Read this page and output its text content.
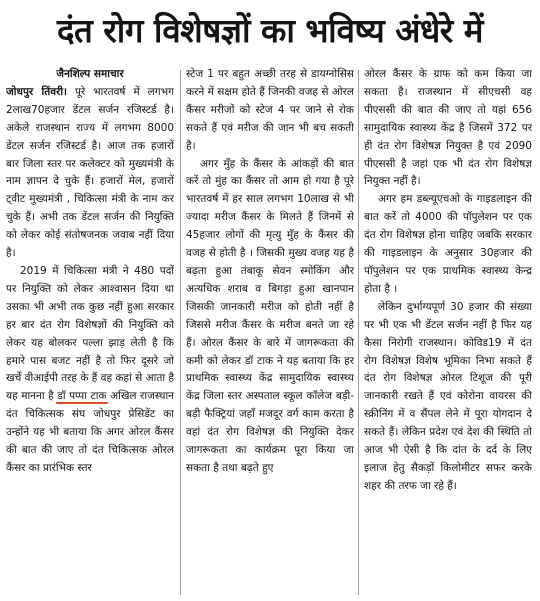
दंत रोग विशेषज्ञों का भविष्य अंधेरे में
जैनशिल्प समाचार

जोधपुर तिंवरी। पूरे भारतवर्ष में लगभग 2लाख70हजार डेंटल सर्जन रजिस्टर्ड है। अकेले राजस्थान राज्य में लगभग 8000 डेंटल सर्जन रजिस्टर्ड है। आज तक हजारों बार जिला स्तर पर कलेक्टर को मुख्यमंत्री के नाम ज्ञापन दे चुके हैं। हजारों मेल, हजारों ट्वीट मुख्यमंत्री , चिकित्सा मंत्री के नाम कर चुके हैं। अभी तक डेंटल सर्जन की नियुक्ति को लेकर कोई संतोषजनक जवाब नहीं दिया है।

2019 में चिकित्सा मंत्री ने 480 पदों पर नियुक्ति को लेकर आश्वासन दिया था उसका भी अभी तक कुछ नहीं हुआ सरकार हर बार दंत रोग विशेषज्ञों की नियुक्ति को लेकर यह बोलकर पल्ला झाड़ लेती है कि हमारे पास बजट नहीं है तो फिर दूसरे जो खर्चे वीआईपी तरह के हैं वह कहां से आता है यह मानना है डॉ पप्पा टाक अखिल राजस्थान दंत चिकित्सक संघ जोधपुर प्रेसिडेंट का उन्होंने यह भी बताया कि अगर ओरल कैंसर की बात की जाए तो दंत चिकित्सक ओरल कैंसर का प्रारंभिक स्तर

स्टेज 1 पर बहुत अच्छी तरह से डायग्नोसिस करने में सक्षम होते हैं जिनकी वजह से ओरल कैंसर मरीजों को स्टेज 4 पर जाने से रोक सकते हैं एवं मरीज की जान भी बच सकती है।

अगर मुँह के कैंसर के आंकड़ों की बात करें तो मुंह का कैंसर तो आम हो गया है पूरे भारतवर्ष में हर साल लगभग 10लाख से भी ज्यादा मरीज कैंसर के मिलते हैं जिनमें से 45हजार लोगों की मृत्यु मुँह के कैंसर की वजह से होती है । जिसकी मुख्य वजह यह है बढ़ता हुआ तंबाकू सेवन स्मोकिंग और अत्यधिक शराब व बिगड़ा हुआ खानपान जिसकी जानकारी मरीज को होती नहीं है जिससे मरीज कैंसर के मरीज बनते जा रहे हैं। ओरल कैंसर के बारे में जागरूकता की कमी को लेकर डॉ टाक ने यह बताया कि हर प्राथमिक स्वास्थ्य केंद्र सामुदायिक स्वास्थ्य केंद्र जिला स्तर अस्पताल स्कूल कॉलेज बड़ी-बड़ी फैक्ट्रियां जहाँ मजदूर वर्ग काम करता है वहां दंत रोग विशेषज्ञ की नियुक्ति देकर जागरूकता का कार्यक्रम पूरा किया जा सकता है तथा बढ़ते हुए

ओरल कैंसर के ग्राफ को कम किया जा सकता है। राजस्थान में सीएचसी वह पीएससी की बात की जाए तो यहां 656 सामुदायिक स्वास्थ्य केंद्र है जिसमें 372 पर ही दंत रोग विशेषज्ञ नियुक्त है एवं 2090 पीएससी है जहां एक भी दंत रोग विशेषज्ञ नियुक्त नहीं है।

अगर हम डब्ल्यूएचओ के गाइडलाइन की बात करें तो 4000 की पॉपुलेशन पर एक दंत रोग विशेषज्ञ होना चाहिए जबकि सरकार की गाइडलाइन के अनुसार 30हजार की पॉपुलेशन पर एक प्राथमिक स्वास्थ्य केन्द्र होता है ।

लेकिन दुर्भाग्यपूर्ण 30 हजार की संख्या पर भी एक भी डेंटल सर्जन नहीं है फिर यह कैसा निरोगी राजस्थान। कोविड19 में दंत रोग विशेषज्ञ विशेष भूमिका निभा सकते हैं दंत रोग विशेषज्ञ ओरल टिशूज की पूरी जानकारी रखते हैं एवं कोरोना वायरस की स्क्रीनिंग में व सैंपल लेने में पूरा योगदान दे सकते हैं। लेकिन प्रदेश एवं देश की स्थिति तो आज भी ऐसी है कि दांत के दर्द के लिए इलाज हेतु सैकड़ों किलोमीटर सफर करके शहर की तरफ जा रहे हैं।
